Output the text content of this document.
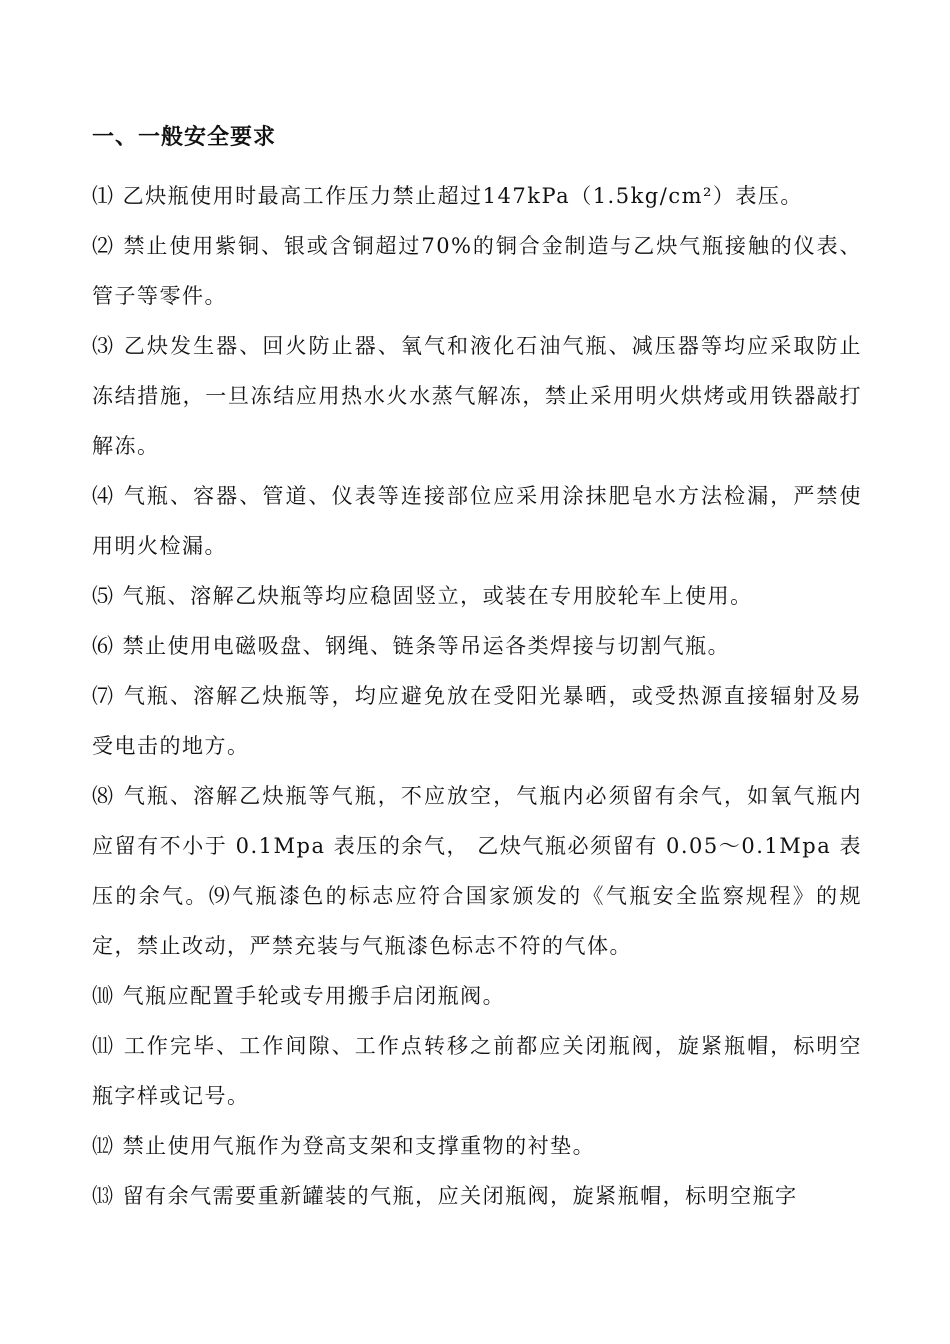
一、一般安全要求

⑴ 乙炔瓶使用时最高工作压力禁止超过147kPa（1.5kg/cm²）表压。

⑵ 禁止使用紫铜、银或含铜超过70%的铜合金制造与乙炔气瓶接触的仪表、管子等零件。

⑶ 乙炔发生器、回火防止器、氧气和液化石油气瓶、减压器等均应采取防止冻结措施，一旦冻结应用热水火水蒸气解冻，禁止采用明火烘烤或用铁器敲打解冻。

⑷ 气瓶、容器、管道、仪表等连接部位应采用涂抹肥皂水方法检漏，严禁使用明火检漏。

⑸ 气瓶、溶解乙炔瓶等均应稳固竖立，或装在专用胶轮车上使用。

⑹ 禁止使用电磁吸盘、钢绳、链条等吊运各类焊接与切割气瓶。

⑺ 气瓶、溶解乙炔瓶等，均应避免放在受阳光暴晒，或受热源直接辐射及易受电击的地方。

⑻ 气瓶、溶解乙炔瓶等气瓶，不应放空，气瓶内必须留有余气，如氧气瓶内应留有不小于 0.1Mpa 表压的余气， 乙炔气瓶必须留有 0.05～0.1Mpa 表压的余气。⑼气瓶漆色的标志应符合国家颁发的《气瓶安全监察规程》的规定，禁止改动，严禁充装与气瓶漆色标志不符的气体。

⑽ 气瓶应配置手轮或专用搬手启闭瓶阀。

⑾ 工作完毕、工作间隙、工作点转移之前都应关闭瓶阀，旋紧瓶帽，标明空瓶字样或记号。

⑿ 禁止使用气瓶作为登高支架和支撑重物的衬垫。

⒀ 留有余气需要重新罐装的气瓶，应关闭瓶阀，旋紧瓶帽，标明空瓶字
